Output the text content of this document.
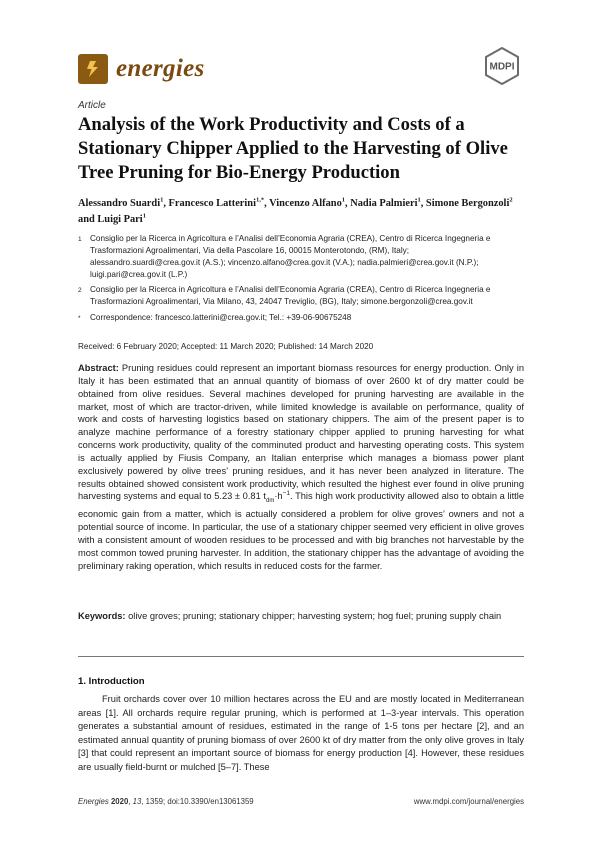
energies	MDPI
Article
Analysis of the Work Productivity and Costs of a Stationary Chipper Applied to the Harvesting of Olive Tree Pruning for Bio-Energy Production
Alessandro Suardi$^1$, Francesco Latterini$^{1,*}$, Vincenzo Alfano$^1$, Nadia Palmieri$^1$, Simone Bergonzoli$^2$ and Luigi Pari$^1$
1	Consiglio per la Ricerca in Agricoltura e l’Analisi dell’Economia Agraria (CREA), Centro di Ricerca Ingegneria e Trasformazioni Agroalimentari, Via della Pascolare 16, 00015 Monterotondo, (RM), Italy; alessandro.suardi@crea.gov.it (A.S.); vincenzo.alfano@crea.gov.it (V.A.); nadia.palmieri@crea.gov.it (N.P.); luigi.pari@crea.gov.it (L.P.)
2	Consiglio per la Ricerca in Agricoltura e l’Analisi dell’Economia Agraria (CREA), Centro di Ricerca Ingegneria e Trasformazioni Agroalimentari, Via Milano, 43, 24047 Treviglio, (BG), Italy; simone.bergonzoli@crea.gov.it
*	Correspondence: francesco.latterini@crea.gov.it; Tel.: +39-06-90675248
Received: 6 February 2020; Accepted: 11 March 2020; Published: 14 March 2020
Abstract: Pruning residues could represent an important biomass resources for energy production. Only in Italy it has been estimated that an annual quantity of biomass of over 2600 kt of dry matter could be obtained from olive residues. Several machines developed for pruning harvesting are available in the market, most of which are tractor-driven, while limited knowledge is available on performance, quality of work and costs of harvesting logistics based on stationary chippers. The aim of the present paper is to analyze machine performance of a forestry stationary chipper applied to pruning harvesting for what concerns work productivity, quality of the comminuted product and harvesting operating costs. This system is actually applied by Fiusis Company, an Italian enterprise which manages a biomass power plant exclusively powered by olive trees’ pruning residues, and it has never been analyzed in literature. The results obtained showed consistent work productivity, which resulted the highest ever found in olive pruning harvesting systems and equal to 5.23 ± 0.81 $t_{dm}\cdot h^{-1}$. This high work productivity allowed also to obtain a little economic gain from a matter, which is actually considered a problem for olive groves’ owners and not a potential source of income. In particular, the use of a stationary chipper seemed very efficient in olive groves with a consistent amount of wooden residues to be processed and with big branches not harvestable by the most common towed pruning harvester. In addition, the stationary chipper has the advantage of avoiding the preliminary raking operation, which results in reduced costs for the farmer.
Keywords: olive groves; pruning; stationary chipper; harvesting system; hog fuel; pruning supply chain
1. Introduction
Fruit orchards cover over 10 million hectares across the EU and are mostly located in Mediterranean areas [1]. All orchards require regular pruning, which is performed at 1–3-year intervals. This operation generates a substantial amount of residues, estimated in the range of 1-5 tons per hectare [2], and an estimated annual quantity of pruning biomass of over 2600 kt of dry matter from the only olive groves in Italy [3] that could represent an important source of biomass for energy production [4]. However, these residues are usually field-burnt or mulched [5–7]. These
Energies 2020, 13, 1359; doi:10.3390/en13061359	www.mdpi.com/journal/energies
